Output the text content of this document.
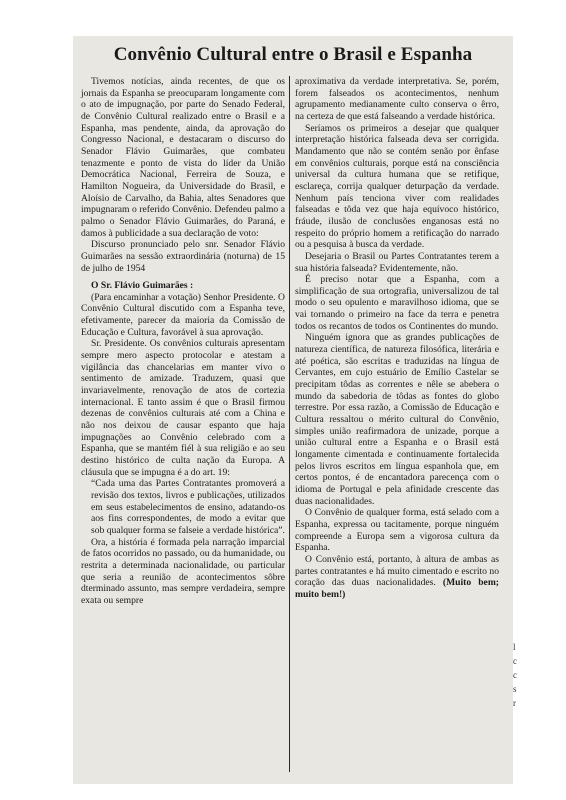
Convênio Cultural entre o Brasil e Espanha

Tivemos notícias, ainda recentes, de que os jornais da Espanha se preocuparam longamente com o ato de impugnação, por parte do Senado Federal, de Convênio Cultural realizado entre o Brasil e a Espanha, mas pendente, ainda, da aprovação do Congresso Nacional, e destacaram o discurso do Senador Flávio Guimarães, que combateu tenazmente e ponto de vista do líder da União Democrática Nacional, Ferreira de Souza, e Hamilton Nogueira, da Universidade do Brasil, e Aloísio de Carvalho, da Bahia, altes Senadores que impugnaram o referido Convênio. Defendeu palmo a palmo o Senador Flávio Guimarães, do Paraná, e damos à publicidade a sua declaração de voto:

Discurso pronunciado pelo snr. Senador Flávio Guimarães na sessão extraordinária (noturna) de 15 de julho de 1954

O Sr. Flávio Guimarães :

(Para encaminhar a votação) Senhor Presidente. O Convênio Cultural discutido com a Espanha teve, efetivamente, parecer da maioria da Comissão de Educação e Cultura, favorável à sua aprovação.

Sr. Presidente. Os convênios culturais apresentam sempre mero aspecto protocolar e atestam a vigilância das chancelarias em manter vivo o sentimento de amizade. Traduzem, quasi que invariavelmente, renovação de atos de cortezia internacional. E tanto assim é que o Brasil firmou dezenas de convênios culturais até com a China e não nos deixou de causar espanto que haja impugnações ao Convênio celebrado com a Espanha, que se mantém fiél à sua religião e ao seu destino histórico de culta nação da Europa. A cláusula que se impugna é a do art. 19:

“Cada uma das Partes Contratantes promoverá a revisão dos textos, livros e publicações, utilizados em seus estabelecimentos de ensino, adatando-os aos fins correspondentes, de modo a evitar que sob qualquer forma se falseie a verdade histórica”.

Ora, a história é formada pela narração imparcial de fatos ocorridos no passado, ou da humanidade, ou restrita a determinada nacionalidade, ou particular que seria a reunião de acontecimentos sôbre dterminado assunto, mas sempre verdadeira, sempre exata ou sempre

aproximativa da verdade interpretativa. Se, porém, forem falseados os acontecimentos, nenhum agrupamento medianamente culto conserva o êrro, na certeza de que está falseando a verdade histórica.

Seríamos os primeiros a desejar que qualquer interpretação histórica falseada deva ser corrigida. Mandamento que não se contém senão por ênfase em convênios culturais, porque está na consciência universal da cultura humana que se retifique, esclareça, corrija qualquer deturpação da verdade. Nenhum país tenciona viver com realidades falseadas e tôda vez que haja equívoco histórico, fráude, ilusão de conclusões enganosas está no respeito do próprio homem a retificação do narrado ou a pesquisa à busca da verdade.

Desejaria o Brasil ou Partes Contratantes terem a sua história falseada? Evidentemente, não.

É preciso notar que a Espanha, com a simplificação de sua ortografia, universalizou de tal modo o seu opulento e maravilhoso idioma, que se vai tornando o primeiro na face da terra e penetra todos os recantos de todos os Continentes do mundo.

Ninguém ignora que as grandes publicações de natureza científica, de natureza filosófica, literária e até poética, são escritas e traduzidas na língua de Cervantes, em cujo estuário de Emílio Castelar se precipitam tôdas as correntes e nêle se abebera o mundo da sabedoria de tôdas as fontes do globo terrestre. Por essa razão, a Comissão de Educação e Cultura ressaltou o mérito cultural do Convênio, simples união reafirmadora de unizade, porque a união cultural entre a Espanha e o Brasil está longamente cimentada e continuamente fortalecida pelos livros escritos em língua espanhola que, em certos pontos, é de encantadora parecença com o idioma de Portugal e pela afinidade crescente das duas nacionalidades.

O Convênio de qualquer forma, está selado com a Espanha, expressa ou tacitamente, porque ninguém compreende a Europa sem a vigorosa cultura da Espanha.

O Convênio está, portanto, à altura de ambas as partes contratantes e há muito cimentado e escrito no coração das duas nacionalidades. (Muito bem; muito bem!)

l
c
c
s
r
